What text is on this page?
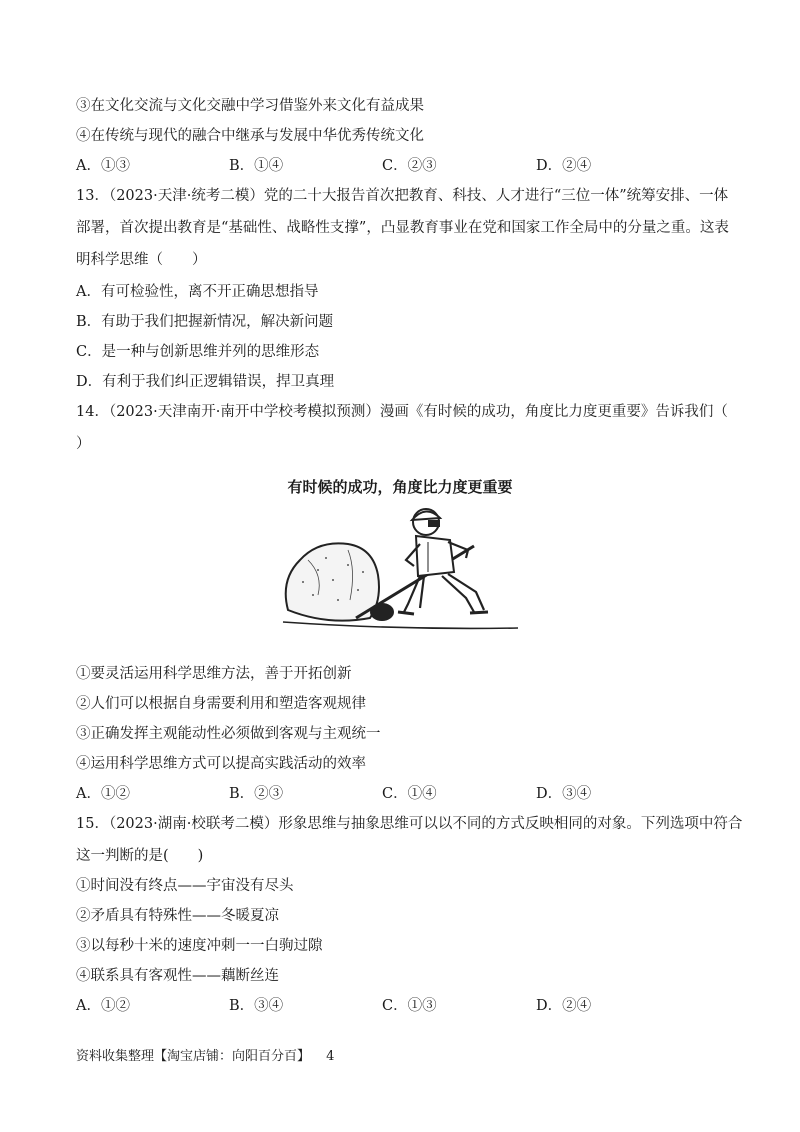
③在文化交流与文化交融中学习借鉴外来文化有益成果
④在传统与现代的融合中继承与发展中华优秀传统文化
A．①③	B．①④	C．②③	D．②④
13．（2023·天津·统考二模）党的二十大报告首次把教育、科技、人才进行“三位一体”统筹安排、一体
部署，首次提出教育是“基础性、战略性支撑”，凸显教育事业在党和国家工作全局中的分量之重。这表
明科学思维（　　）
A．有可检验性，离不开正确思想指导
B．有助于我们把握新情况，解决新问题
C．是一种与创新思维并列的思维形态
D．有利于我们纠正逻辑错误，捍卫真理
14．（2023·天津南开·南开中学校考模拟预测）漫画《有时候的成功，角度比力度更重要》告诉我们（
）
有时候的成功，角度比力度更重要
①要灵活运用科学思维方法，善于开拓创新
②人们可以根据自身需要利用和塑造客观规律
③正确发挥主观能动性必须做到客观与主观统一
④运用科学思维方式可以提高实践活动的效率
A．①②	B．②③	C．①④	D．③④
15．（2023·湖南·校联考二模）形象思维与抽象思维可以以不同的方式反映相同的对象。下列选项中符合
这一判断的是(　　)
①时间没有终点——宇宙没有尽头
②矛盾具有特殊性——冬暖夏凉
③以每秒十米的速度冲刺一一白驹过隙
④联系具有客观性——藕断丝连
A．①②	B．③④	C．①③	D．②④
资料收集整理【淘宝店铺：向阳百分百】 4
